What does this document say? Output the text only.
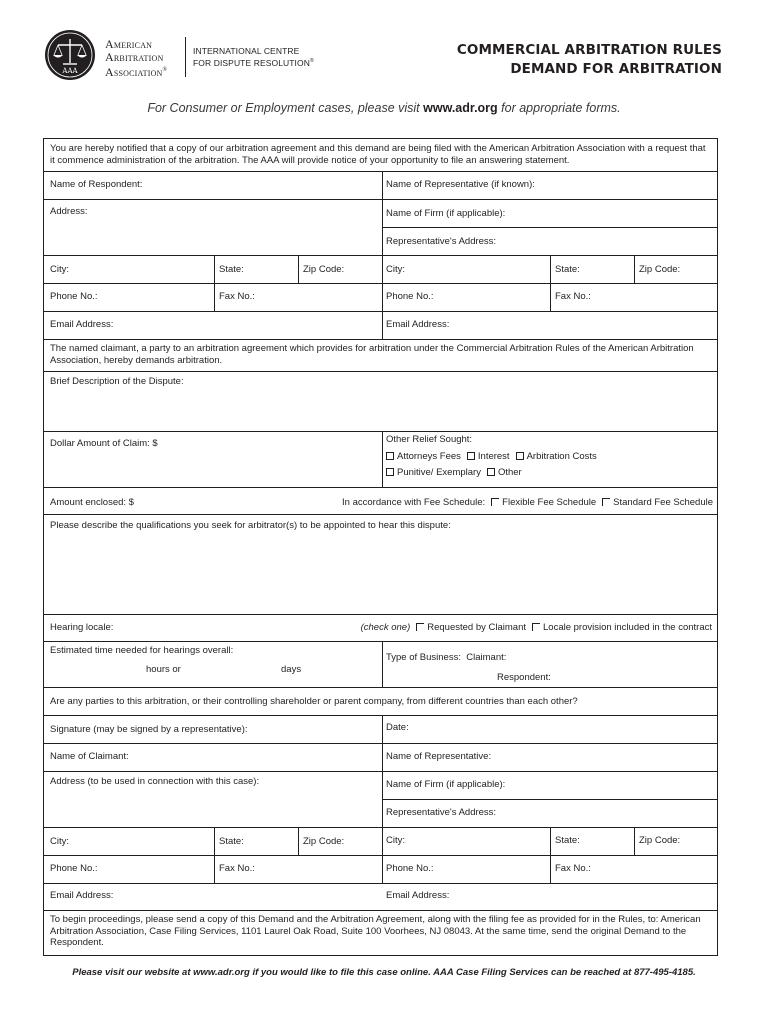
AAA
American
Arbitration
Association®
INTERNATIONAL CENTRE
FOR DISPUTE RESOLUTION®
COMMERCIAL ARBITRATION RULES
DEMAND FOR ARBITRATION
For Consumer or Employment cases, please visit www.adr.org for appropriate forms.
You are hereby notified that a copy of our arbitration agreement and this demand are being filed with the American Arbitration Association with a request that it commence administration of the arbitration. The AAA will provide notice of your opportunity to file an answering statement.
Name of Respondent:	Name of Representative (if known):
Address:	Name of Firm (if applicable):
Representative's Address:
City:	State:	Zip Code:	City:	State:	Zip Code:
Phone No.:	Fax No.:	Phone No.:	Fax No.:
Email Address:	Email Address:
The named claimant, a party to an arbitration agreement which provides for arbitration under the Commercial Arbitration Rules of the American Arbitration Association, hereby demands arbitration.
Brief Description of the Dispute:
Dollar Amount of Claim: $	Other Relief Sought:
Attorneys Fees Interest Arbitration Costs
Punitive/ Exemplary Other
Amount enclosed: $	In accordance with Fee Schedule: Flexible Fee Schedule Standard Fee Schedule
Please describe the qualifications you seek for arbitrator(s) to be appointed to hear this dispute:
Hearing locale:	(check one) Requested by Claimant Locale provision included in the contract
Estimated time needed for hearings overall:
hours or	days
Type of Business: Claimant:
Respondent:
Are any parties to this arbitration, or their controlling shareholder or parent company, from different countries than each other?
Signature (may be signed by a representative):	Date:
Name of Claimant:	Name of Representative:
Address (to be used in connection with this case):	Name of Firm (if applicable):
Representative's Address:
City:	State:	Zip Code:	City:	State:	Zip Code:
Phone No.:	Fax No.:	Phone No.:	Fax No.:
Email Address:	Email Address:
To begin proceedings, please send a copy of this Demand and the Arbitration Agreement, along with the filing fee as provided for in the Rules, to: American Arbitration Association, Case Filing Services, 1101 Laurel Oak Road, Suite 100 Voorhees, NJ 08043. At the same time, send the original Demand to the Respondent.
Please visit our website at www.adr.org if you would like to file this case online. AAA Case Filing Services can be reached at 877-495-4185.
